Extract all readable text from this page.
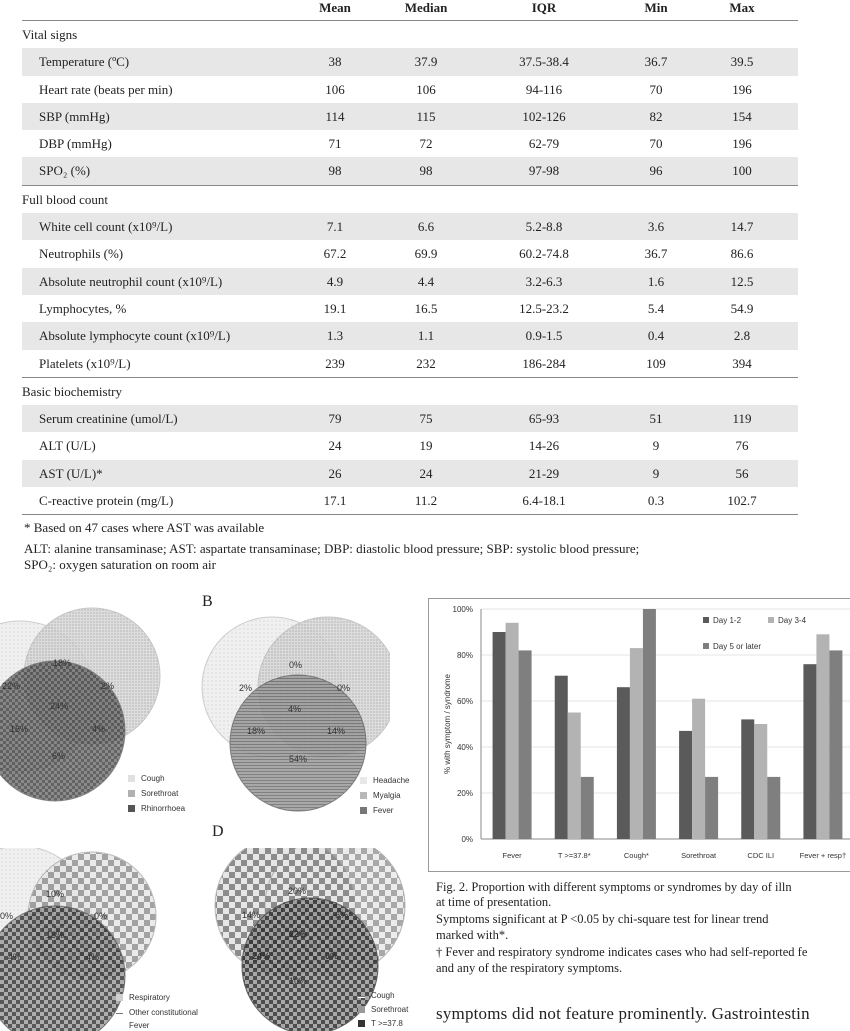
Mean	Median	IQR	Min	Max
Vital signs
Temperature (ºC)	38	37.9	37.5-38.4	36.7	39.5
Heart rate (beats per min)	106	106	94-116	70	196
SBP (mmHg)	114	115	102-126	82	154
DBP (mmHg)	71	72	62-79	70	196
SPO₂ (%)	98	98	97-98	96	100
Full blood count
White cell count (x10⁹/L)	7.1	6.6	5.2-8.8	3.6	14.7
Neutrophils (%)	67.2	69.9	60.2-74.8	36.7	86.6
Absolute neutrophil count (x10⁹/L)	4.9	4.4	3.2-6.3	1.6	12.5
Lymphocytes, %	19.1	16.5	12.5-23.2	5.4	54.9
Absolute lymphocyte count (x10⁹/L)	1.3	1.1	0.9-1.5	0.4	2.8
Platelets (x10⁹/L)	239	232	186-284	109	394
Basic biochemistry
Serum creatinine (umol/L)	79	75	65-93	51	119
ALT (U/L)	24	19	14-26	9	76
AST (U/L)*	26	24	21-29	9	56
C-reactive protein (mg/L)	17.1	11.2	6.4-18.1	0.3	102.7
* Based on 47 cases where AST was available
ALT: alanine transaminase; AST: aspartate transaminase; DBP: diastolic blood pressure; SBP: systolic blood pressure;
SPO₂: oxygen saturation on room air
18%
22%	2%
24%
16%	4%
6%
Cough
Sorethroat
Rhinorrhoea
B
0%
2%	0%
4%
18%	14%
54%
Headache
Myalgia
Fever
10%
0%	0%
18%
4%	4%
Respiratory
Other constitutional
Fever
D
20%
14%	6%
22%
24%	0%
10%
Cough
Sorethroat
T >=37.8
0%
20%
40%
60%
80%
100%
% with symptom / syndrome
Fever	T >=37.8*	Cough*	Sorethroat	CDC ILI	Fever + resp†
Day 1-2	Day 3-4
Day 5 or later
Fig. 2. Proportion with different symptoms or syndromes by day of illn
at time of presentation.
Symptoms significant at P <0.05 by chi-square test for linear trend
marked with*.
† Fever and respiratory syndrome indicates cases who had self-reported fe
and any of the respiratory symptoms.
symptoms did not feature prominently. Gastrointestin
